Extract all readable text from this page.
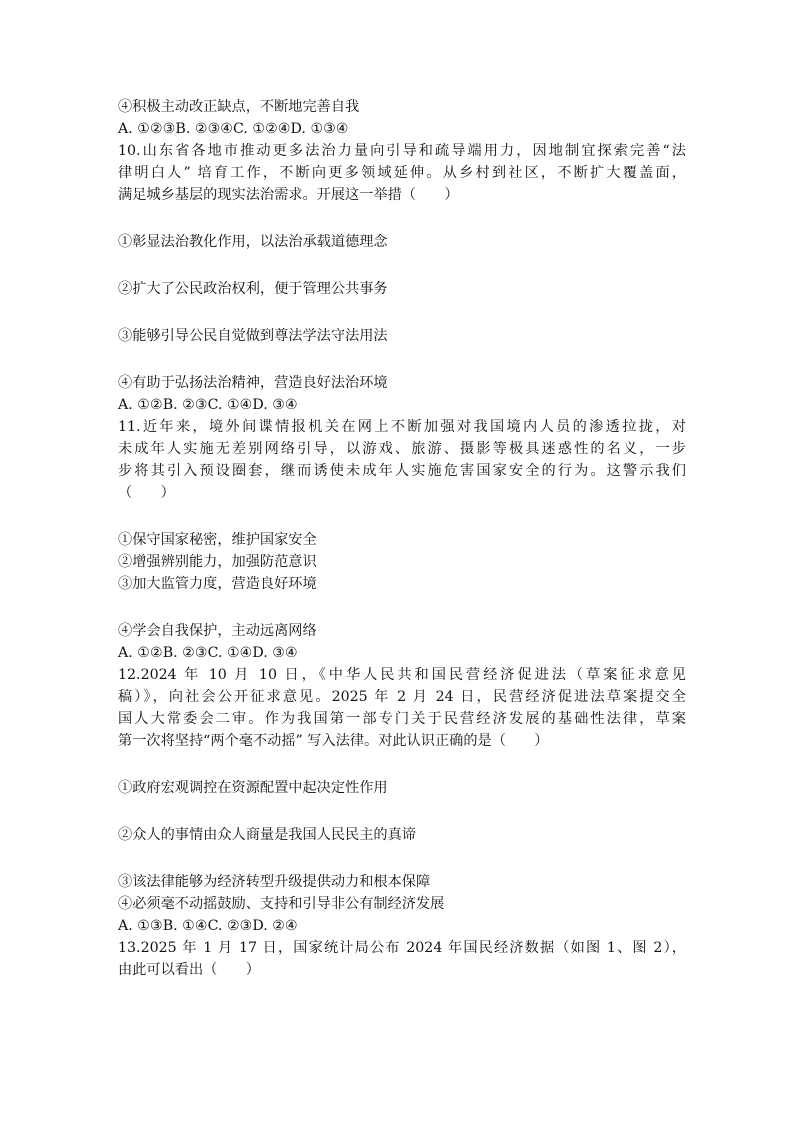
④积极主动改正缺点，不断地完善自我
A. ①②③B. ②③④C. ①②④D. ①③④
10.山东省各地市推动更多法治力量向引导和疏导端用力，因地制宜探索完善“法
律明白人” 培育工作，不断向更多领域延伸。从乡村到社区，不断扩大覆盖面，
满足城乡基层的现实法治需求。开展这一举措（　　）
①彰显法治教化作用，以法治承载道德理念
②扩大了公民政治权利，便于管理公共事务
③能够引导公民自觉做到尊法学法守法用法
④有助于弘扬法治精神，营造良好法治环境
A. ①②B. ②③C. ①④D. ③④
11.近年来，境外间谍情报机关在网上不断加强对我国境内人员的渗透拉拢，对
未成年人实施无差别网络引导，以游戏、旅游、摄影等极具迷惑性的名义，一步
步将其引入预设圈套，继而诱使未成年人实施危害国家安全的行为。这警示我们
（　　）
①保守国家秘密，维护国家安全
②增强辨别能力，加强防范意识
③加大监管力度，营造良好环境
④学会自我保护，主动远离网络
A. ①②B. ②③C. ①④D. ③④
12.2024 年 10 月 10 日，《中华人民共和国民营经济促进法（草案征求意见
稿）》，向社会公开征求意见。2025 年 2 月 24 日，民营经济促进法草案提交全
国人大常委会二审。作为我国第一部专门关于民营经济发展的基础性法律，草案
第一次将坚持“两个毫不动摇” 写入法律。对此认识正确的是（　　）
①政府宏观调控在资源配置中起决定性作用
②众人的事情由众人商量是我国人民民主的真谛
③该法律能够为经济转型升级提供动力和根本保障
④必须毫不动摇鼓励、支持和引导非公有制经济发展
A. ①③B. ①④C. ②③D. ②④
13.2025 年 1 月 17 日，国家统计局公布 2024 年国民经济数据（如图 1、图 2），
由此可以看出（　　）
